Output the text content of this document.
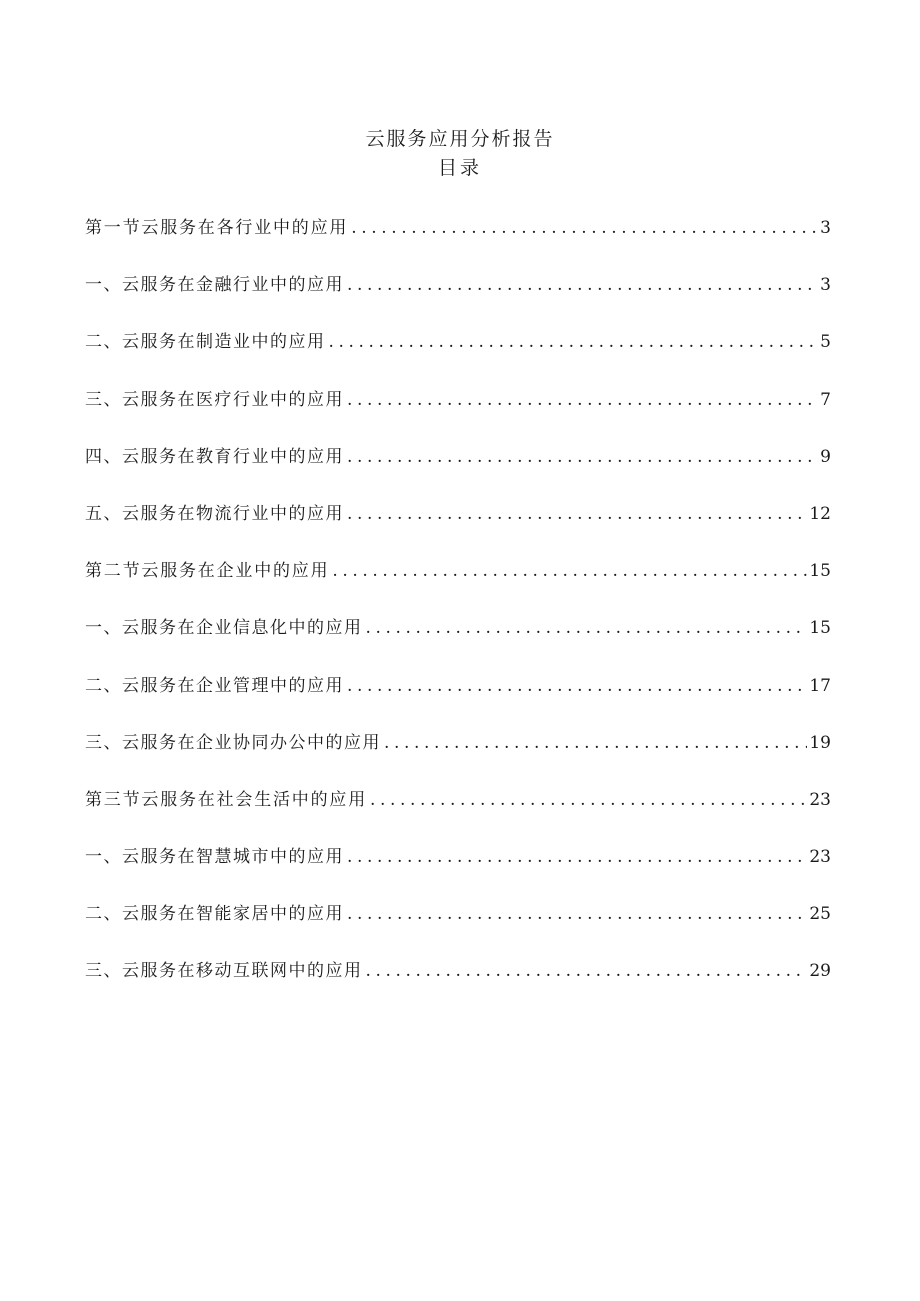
云服务应用分析报告
目录
第一节云服务在各行业中的应用 .....	3
一、云服务在金融行业中的应用 .....	3
二、云服务在制造业中的应用 .....	5
三、云服务在医疗行业中的应用 .....	7
四、云服务在教育行业中的应用 .....	9
五、云服务在物流行业中的应用 .....	12
第二节云服务在企业中的应用 .....	15
一、云服务在企业信息化中的应用 .....	15
二、云服务在企业管理中的应用 .....	17
三、云服务在企业协同办公中的应用 .....	19
第三节云服务在社会生活中的应用 .....	23
一、云服务在智慧城市中的应用 .....	23
二、云服务在智能家居中的应用 .....	25
三、云服务在移动互联网中的应用 .....	29
